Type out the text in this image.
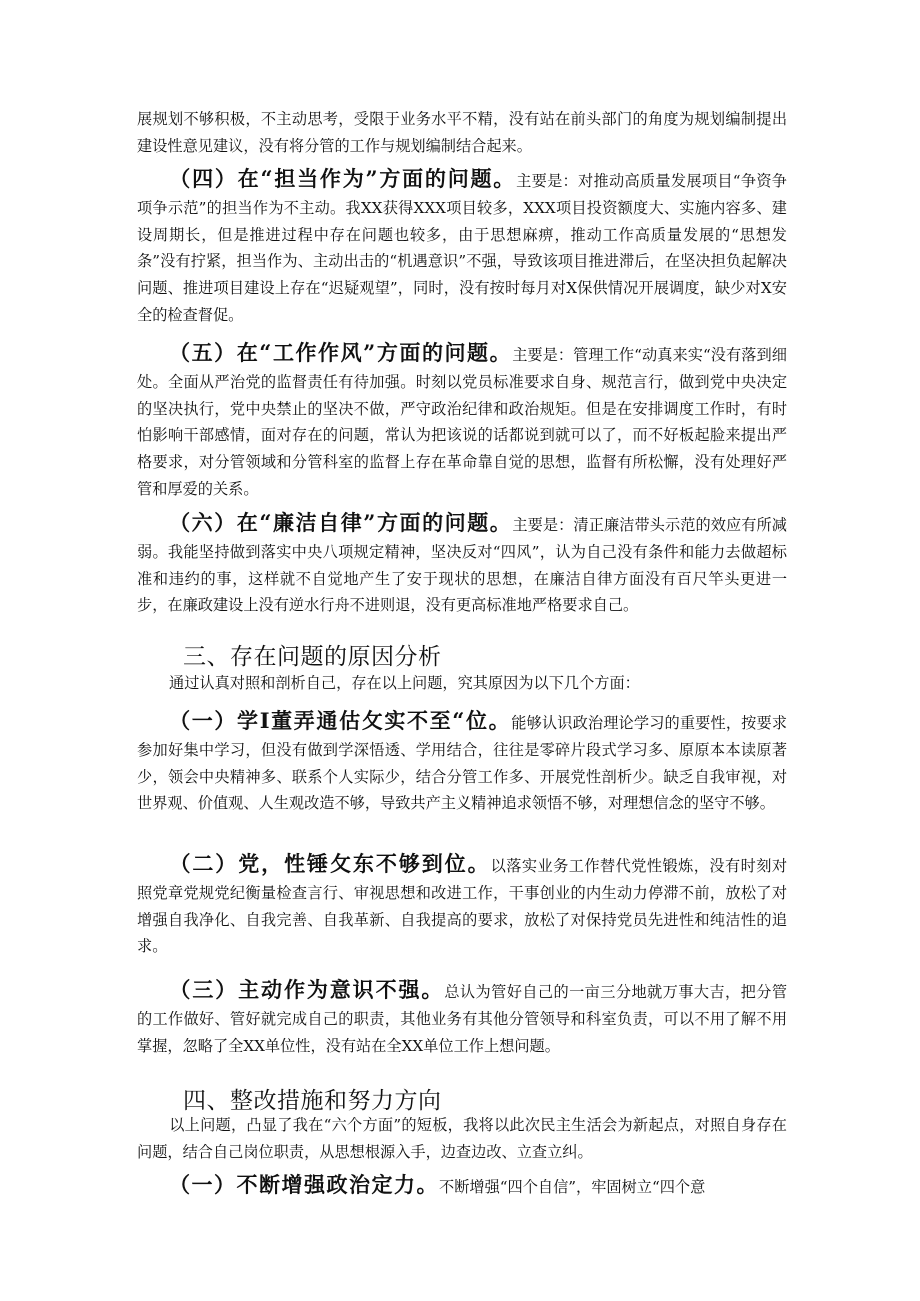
展规划不够积极，不主动思考，受限于业务水平不精，没有站在前头部门的角度为规划编制提出建设性意见建议，没有将分管的工作与规划编制结合起来。

（四）在“担当作为”方面的问题。主要是：对推动高质量发展项目“争资争项争示范”的担当作为不主动。我XX获得XXX项目较多，XXX项目投资额度大、实施内容多、建设周期长，但是推进过程中存在问题也较多，由于思想麻痹，推动工作高质量发展的“思想发条”没有拧紧，担当作为、主动出击的“机遇意识”不强，导致该项目推进滞后，在坚决担负起解决问题、推进项目建设上存在“迟疑观望”，同时，没有按时每月对X保供情况开展调度，缺少对X安全的检查督促。

（五）在“工作作风”方面的问题。主要是：管理工作“动真来实“没有落到细处。全面从严治党的监督责任有待加强。时刻以党员标准要求自身、规范言行，做到党中央决定的坚决执行，党中央禁止的坚决不做，严守政治纪律和政治规矩。但是在安排调度工作时，有时怕影响干部感情，面对存在的问题，常认为把该说的话都说到就可以了，而不好板起脸来提出严格要求，对分管领域和分管科室的监督上存在革命靠自觉的思想，监督有所松懈，没有处理好严管和厚爱的关系。

（六）在“廉洁自律”方面的问题。主要是：清正廉洁带头示范的效应有所减弱。我能坚持做到落实中央八项规定精神，坚决反对“四风”，认为自己没有条件和能力去做超标准和违约的事，这样就不自觉地产生了安于现状的思想，在廉洁自律方面没有百尺竿头更进一步，在廉政建设上没有逆水行舟不进则退，没有更高标准地严格要求自己。

三、存在问题的原因分析

通过认真对照和剖析自己，存在以上问题，究其原因为以下几个方面：

（一）学I董弄通估攵实不至“位。能够认识政治理论学习的重要性，按要求参加好集中学习，但没有做到学深悟透、学用结合，往往是零碎片段式学习多、原原本本读原著少，领会中央精神多、联系个人实际少，结合分管工作多、开展党性剖析少。缺乏自我审视，对世界观、价值观、人生观改造不够，导致共产主义精神追求领悟不够，对理想信念的坚守不够。

（二）党，性锤攵东不够到位。以落实业务工作替代党性锻炼，没有时刻对照党章党规党纪衡量检查言行、审视思想和改进工作，干事创业的内生动力停滞不前，放松了对增强自我净化、自我完善、自我革新、自我提高的要求，放松了对保持党员先进性和纯洁性的追求。

（三）主动作为意识不强。总认为管好自己的一亩三分地就万事大吉，把分管的工作做好、管好就完成自己的职责，其他业务有其他分管领导和科室负责，可以不用了解不用掌握，忽略了全XX单位性，没有站在全XX单位工作上想问题。

四、整改措施和努力方向

以上问题，凸显了我在“六个方面”的短板，我将以此次民主生活会为新起点，对照自身存在问题，结合自己岗位职责，从思想根源入手，边查边改、立查立纠。

（一）不断增强政治定力。不断增强“四个自信”，牢固树立“四个意
